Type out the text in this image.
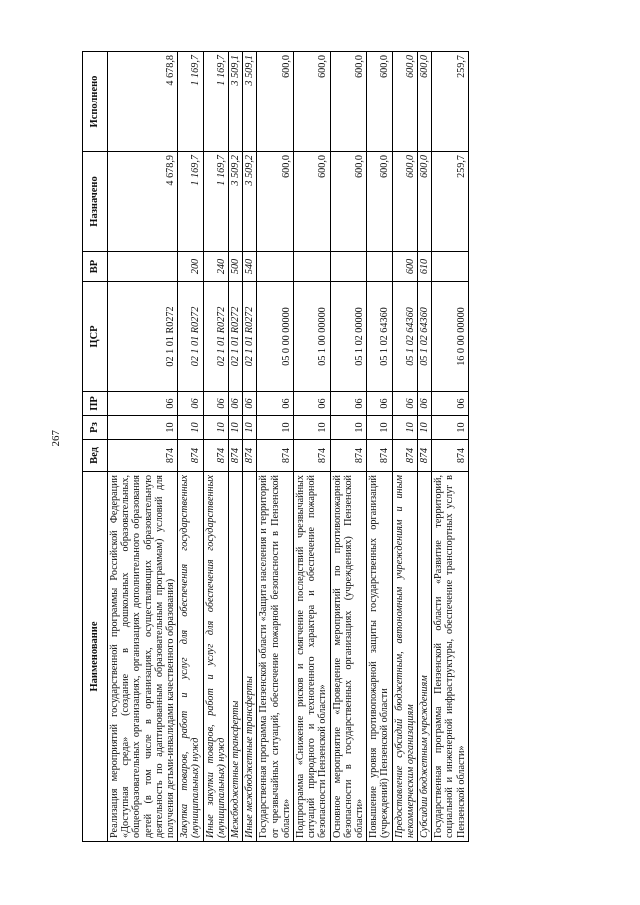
267
Наименование	Вед	Рз	ПР	ЦСР	ВР	Назначено	Исполнено
Реализация мероприятий государственной программы Российской Федерации «Доступная среда» (создание в дошкольных образовательных, общеобразовательных организациях, организациях дополнительного образования детей (в том числе в организациях, осуществляющих образовательную деятельность по адаптированным образовательным программам) условий для получения детьми-инвалидами качественного образования)	874	10	06	02 1 01 R0272		4 678,9	4 678,8
Закупка товаров, работ и услуг для обеспечения государственных (муниципальных) нужд	874	10	06	02 1 01 R0272	200	1 169,7	1 169,7
Иные закупки товаров, работ и услуг для обеспечения государственных (муниципальных) нужд	874	10	06	02 1 01 R0272	240	1 169,7	1 169,7
Межбюджетные трансферты	874	10	06	02 1 01 R0272	500	3 509,2	3 509,1
Иные межбюджетные трансферты	874	10	06	02 1 01 R0272	540	3 509,2	3 509,1
Государственная программа Пензенской области «Защита населения и территорий от чрезвычайных ситуаций, обеспечение пожарной безопасности в Пензенской области»	874	10	06	05 0 00 00000		600,0	600,0
Подпрограмма «Снижение рисков и смягчение последствий чрезвычайных ситуаций природного и техногенного характера и обеспечение пожарной безопасности Пензенской области»	874	10	06	05 1 00 00000		600,0	600,0
Основное мероприятие «Проведение мероприятий по противопожарной безопасности в государственных организациях (учреждениях) Пензенской области»	874	10	06	05 1 02 00000		600,0	600,0
Повышение уровня противопожарной защиты государственных организаций (учреждений) Пензенской области	874	10	06	05 1 02 64360		600,0	600,0
Предоставление субсидий бюджетным, автономным учреждениям и иным некоммерческим организациям	874	10	06	05 1 02 64360	600	600,0	600,0
Субсидии бюджетным учреждениям	874	10	06	05 1 02 64360	610	600,0	600,0
Государственная программа Пензенской области «Развитие территорий, социальной и инженерной инфраструктуры, обеспечение транспортных услуг в Пензенской области»	874	10	06	16 0 00 00000		259,7	259,7
